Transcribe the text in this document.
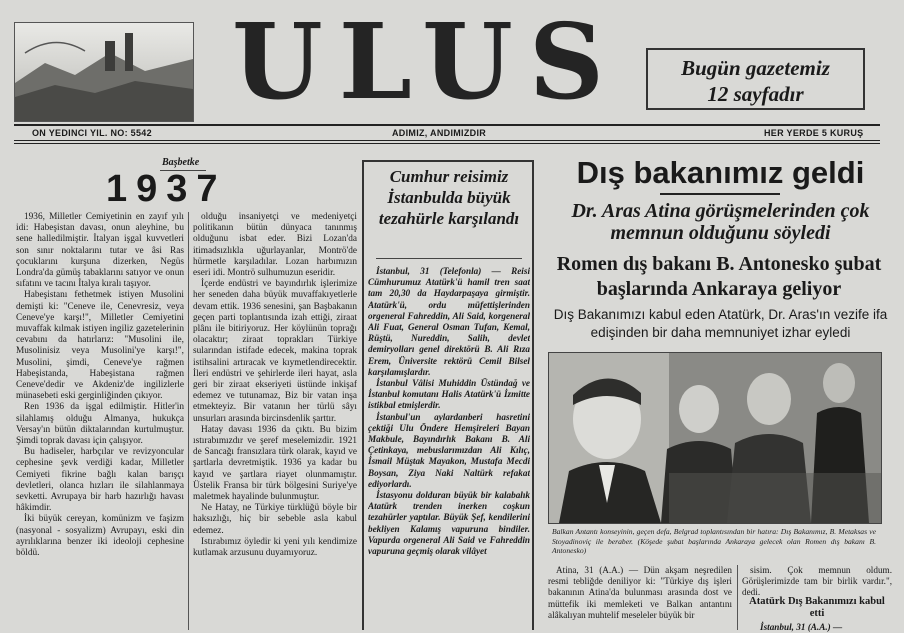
ULUS	Bugün gazetemiz
12 sayfadır
ON YEDINCI YIL. NO: 5542	ADIMIZ, ANDIMIZDIR	HER YERDE 5 KURUŞ
Başbetke
1937

1936, Milletler Cemiyetinin en zayıf yılı idi: Habeşistan davası, onun aleyhine, bu sene halledilmiştir. İtalyan işgal kuvvetleri son sınır noktalarını tutar ve âsi Ras çocuklarını kurşuna dizerken, Negüs Londra'da gümüş tabaklarını satıyor ve onun sıfatını ve tacını İtalya kıralı taşıyor.

Habeşistanı fethetmek istiyen Musolini demişti ki: "Ceneve ile, Cenevresiz, veya Ceneve'ye karşı!", Milletler Cemiyetini muvaffak kılmak istiyen ingiliz gazetelerinin cevabını da hatırlarız: "Musolini ile, Musolinisiz veya Musolini'ye karşı!", Musolini, şimdi, Ceneve'ye rağmen Habeşistanda, Habeşistana rağmen Ceneve'dedir ve Akdeniz'de ingilizlerle münasebeti eski gerginliğinden çıkıyor.

Ren 1936 da işgal edilmiştir. Hitler'in silahlamış olduğu Almanya, hukukça Versay'ın bütün diktalarından kurtulmuştur. Şimdi toprak davası için çalışıyor.

Bu hadiseler, harbçılar ve revizyoncular cephesine şevk verdiği kadar, Milletler Cemiyeti fikrine bağlı kalan barışçı devletleri, olanca hızları ile silahlanmaya sevketti. Avrupaya bir harb hazırlığı havası hâkimdir.

İki büyük cereyan, komünizm ve faşizm (nasyonal - sosyalizm) Avrupayı, eski din ayrılıklarına benzer iki ideoloji cephesine böldü.

olduğu insaniyetçi ve medeniyetçi politikanın bütün dünyaca tanınmış olduğunu isbat eder. Bizi Lozan'da itimadsızlıkla uğurlayanlar, Montrö'de hürmetle karşıladılar. Lozan harbımızın eseri idi. Montrö sulhumuzun eseridir.

İçerde endüstri ve bayındırlık işlerimize her seneden daha büyük muvaffakıyetlerle devam ettik. 1936 senesini, şan Başbakanın geçen parti toplantısında izah ettiği, ziraat plânı ile bitiriyoruz. Her köylünün toprağı olacaktır; ziraat toprakları Türkiye sularından istifade edecek, makina toprak istihsalini artıracak ve kıymetlendirecektir. İleri endüstri ve şehirlerde ileri hayat, asla geri bir ziraat ekseriyeti üstünde inkişaf edemez ve tutunamaz, Biz bir vatan inşa etmekteyiz. Bir vatanın her türlü sâyı unsurları arasında bircinsdenlik şarttır.

Hatay davası 1936 da çıktı. Bu bizim ıstırabımızdır ve şeref meselemizdir. 1921 de Sancağı fransızlara türk olarak, kayıd ve şartlarla devretmiştik. 1936 ya kadar bu kayıd ve şartlara riayet olunmamıştır. Üstelik Fransa bir türk bölgesini Suriye'ye maletmek hayalinde bulunmuştur.

Ne Hatay, ne Türkiye türklüğü böyle bir haksızlığı, hiç bir sebeble asla kabul edemez.

Istırabımız öyledir ki yeni yılı kendimize kutlamak arzusunu duyamıyoruz.

Cumhur reisimiz İstanbulda büyük tezahürle karşılandı

İstanbul, 31 (Telefonla) — Reisi Cümhurumuz Atatürk'ü hamil tren saat tam 20,30 da Haydarpaşaya girmiştir. Atatürk'ü, ordu müfettişlerinden orgeneral Fahreddin, Ali Said, korgeneral Ali Fuat, General Osman Tufan, Kemal, Rüştü, Nureddin, Salih, devlet demiryolları genel direktörü B. Ali Rıza Erem, Üniversite rektörü Cemil Bilsel karşılamışlardır.

İstanbul Vâlisi Muhiddin Üstündağ ve İstanbul komutanı Halis Atatürk'ü İzmitte istikbal etmişlerdir.

İstanbul'un aylardanberi hasretini çektiği Ulu Öndere Hemşireleri Bayan Makbule, Bayındırlık Bakanı B. Ali Çetinkaya, mebuslarımızdan Ali Kılıç, İsmail Müştak Mayakon, Mustafa Mecdi Boysan, Ziya Naki Naltürk refakat ediyorlardı.

İstasyonu dolduran büyük bir kalabalık Atatürk trenden inerken coşkun tezahürler yaptılar. Büyük Şef, kendilerini bekliyen Kalamış vapuruna bindiler. Vapurda orgeneral Ali Said ve Fahreddin vapuruna geçmiş olarak vilâyet

Dış bakanımız geldi
Dr. Aras Atina görüşmelerinden çok memnun olduğunu söyledi
Romen dış bakanı B. Antonesko şubat başlarında Ankaraya geliyor
Dış Bakanımızı kabul eden Atatürk, Dr. Aras'ın vezife ifa edişinden bir daha memnuniyet izhar eyledi
Balkan Antantı konseyinin, geçen defa, Belgrad toplantısından bir hatıra: Dış Bakanımız, B. Metaksas ve Stoyadinoviç ile beraber. (Köşede şubat başlarında Ankaraya gelecek olan Romen dış bakanı B. Antonesko)

Atina, 31 (A.A.) — Dün akşam neşredilen resmi tebliğde deniliyor ki: "Türkiye dış işleri bakanının Atina'da bulunması arasında dost ve müttefik iki memleketi ve Balkan antantını alâkalıyan muhtelif meseleler büyük bir

sisim. Çok memnun oldum. Görüşlerimizde tam bir birlik vardır.", dedi.

Atatürk Dış Bakanımızı kabul etti
İstanbul, 31 (A.A.) —
